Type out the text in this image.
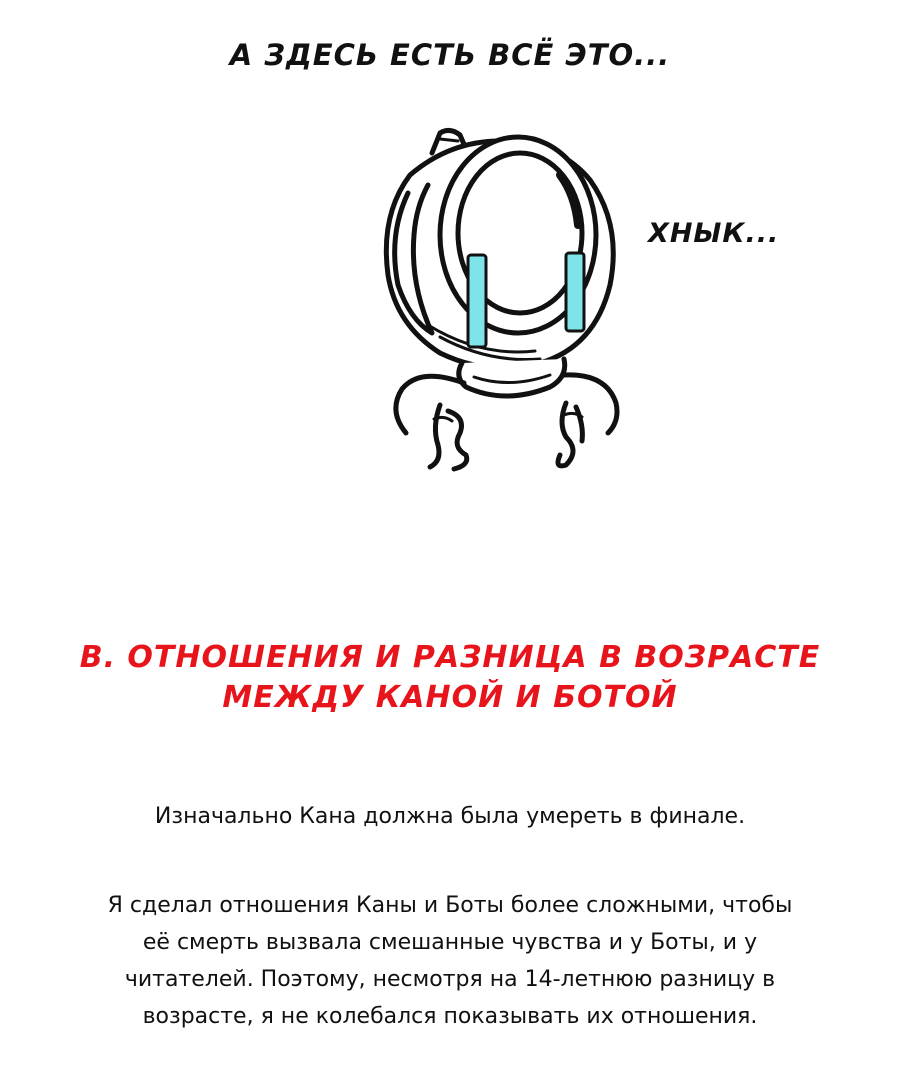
А ЗДЕСЬ ЕСТЬ ВСЁ ЭТО...
ХНЫК...
В. ОТНОШЕНИЯ И РАЗНИЦА В ВОЗРАСТЕ
МЕЖДУ КАНОЙ И БОТОЙ
Изначально Кана должна была умереть в финале.
Я сделал отношения Каны и Боты более сложными, чтобы
её смерть вызвала смешанные чувства и у Боты, и у
читателей. Поэтому, несмотря на 14-летнюю разницу в
возрасте, я не колебался показывать их отношения.
